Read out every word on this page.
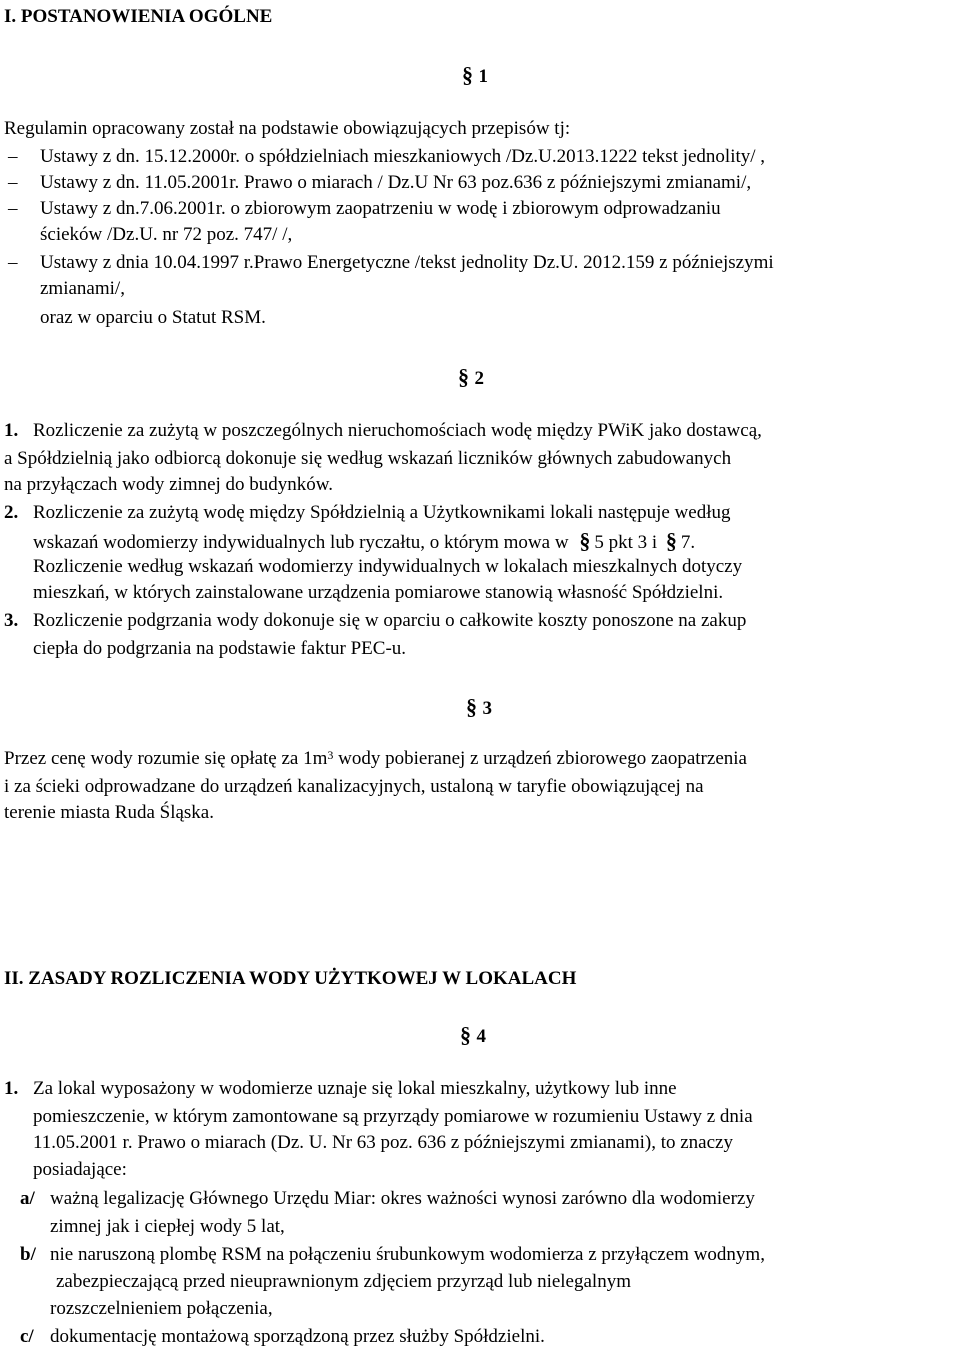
I. POSTANOWIENIA OGÓLNE
§ 1
Regulamin opracowany został na podstawie obowiązujących przepisów tj:
– Ustawy z dn. 15.12.2000r. o spółdzielniach mieszkaniowych /Dz.U.2013.1222 tekst jednolity/ ,
– Ustawy z dn. 11.05.2001r. Prawo o miarach / Dz.U Nr 63 poz.636 z późniejszymi zmianami/,
– Ustawy z dn.7.06.2001r. o zbiorowym zaopatrzeniu w wodę i zbiorowym odprowadzaniu
ścieków /Dz.U. nr 72 poz. 747/ /,
– Ustawy z dnia 10.04.1997 r.Prawo Energetyczne /tekst jednolity Dz.U. 2012.159 z późniejszymi
zmianami/,
oraz w oparciu o Statut RSM.
§ 2
1. Rozliczenie za zużytą w poszczególnych nieruchomościach wodę między PWiK jako dostawcą,
a Spółdzielnią jako odbiorcą dokonuje się według wskazań liczników głównych zabudowanych
na przyłączach wody zimnej do budynków.
2. Rozliczenie za zużytą wodę między Spółdzielnią a Użytkownikami lokali następuje według
wskazań wodomierzy indywidualnych lub ryczałtu, o którym mowa w § 5 pkt 3 i § 7.
Rozliczenie według wskazań wodomierzy indywidualnych w lokalach mieszkalnych dotyczy
mieszkań, w których zainstalowane urządzenia pomiarowe stanowią własność Spółdzielni.
3. Rozliczenie podgrzania wody dokonuje się w oparciu o całkowite koszty ponoszone na zakup
ciepła do podgrzania na podstawie faktur PEC-u.
§ 3
Przez cenę wody rozumie się opłatę za $1m^3$ wody pobieranej z urządzeń zbiorowego zaopatrzenia
i za ścieki odprowadzane do urządzeń kanalizacyjnych, ustaloną w taryfie obowiązującej na
terenie miasta Ruda Śląska.
II. ZASADY ROZLICZENIA WODY UŻYTKOWEJ W LOKALACH
§ 4
1. Za lokal wyposażony w wodomierze uznaje się lokal mieszkalny, użytkowy lub inne
pomieszczenie, w którym zamontowane są przyrządy pomiarowe w rozumieniu Ustawy z dnia
11.05.2001 r. Prawo o miarach (Dz. U. Nr 63 poz. 636 z późniejszymi zmianami), to znaczy
posiadające:
a/ ważną legalizację Głównego Urzędu Miar: okres ważności wynosi zarówno dla wodomierzy
zimnej jak i ciepłej wody 5 lat,
b/ nie naruszoną plombę RSM na połączeniu śrubunkowym wodomierza z przyłączem wodnym,
zabezpieczającą przed nieuprawnionym zdjęciem przyrząd lub nielegalnym
rozszczelnieniem połączenia,
c/ dokumentację montażową sporządzoną przez służby Spółdzielni.
